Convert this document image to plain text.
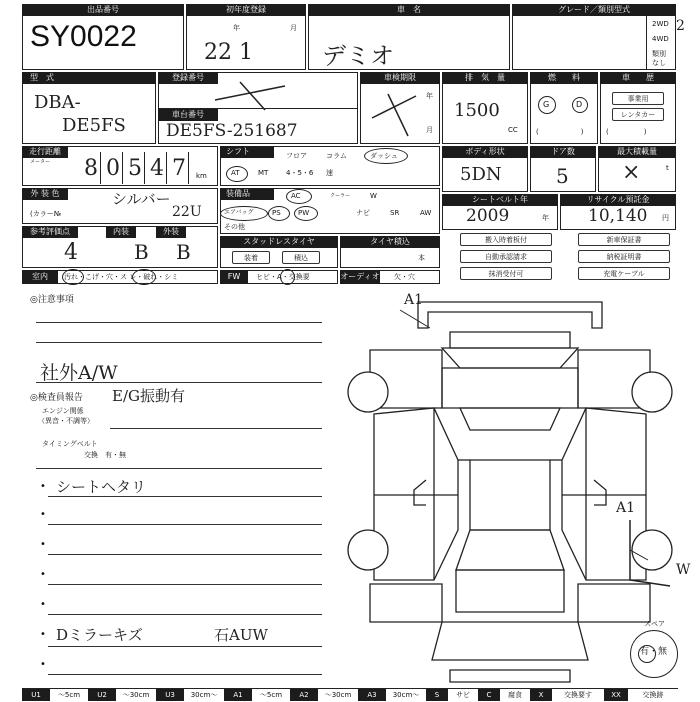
出品番号
SY0022
初年度登録
年	月
22 1
車　名
デミオ
グレード／類別型式
2WD
4WD
類別
なし
2
型　式
DBA-
DE5FS
登録番号
車台番号
DE5FS-251687
車検期限
年
月
排　気　量
1500
CC
燃　　料
G	D
(　　　　　　)
車　　歴
事業用
レンタカー
(　　　　　)
走行距離
メーター 8 0 5 4 7 km
シフト	フロア	コラム	ダッシュ
AT	MT	4・5・6 速
ボディ形状
5DN
ドア数
5
最大積載量
×	t
外 装 色	シルバー
(カラー№	22U
装備品	AC	クーラー	W
エアバッグ	PS PW	ナビ	SR	AW
その他
シートベルト年
2009	年
リサイクル預託金
10,140 円
参考評価点	内装	外装
4	B B	スタッドレスタイヤ
装着	積込
タイヤ積込
本
搬入時着板付	新車保証書
自動承認請求	納税証明書
抹消受付可	充電ケーブル
室内	汚れ・こげ・穴・ス レ・破れ・シミ	FW	ヒビ・A・交換要	オーディオ 欠・穴
◎注意事項
社外A/W
◎検査員報告 E/G振動有
エンジン関係
（異音・不調等）
タイミングベルト
交換　有・無
• シートヘタリ
•
•
•
•
• Dミラーキズ	石AUW
•
A1
A1
W
スペア
有・無
U1	〜5cm	U2	〜30cm	U3	30cm〜	A1	〜5cm	A2	〜30cm	A3	30cm〜	S	サビ	C	腐食	X	交換要す	XX	交換跡
